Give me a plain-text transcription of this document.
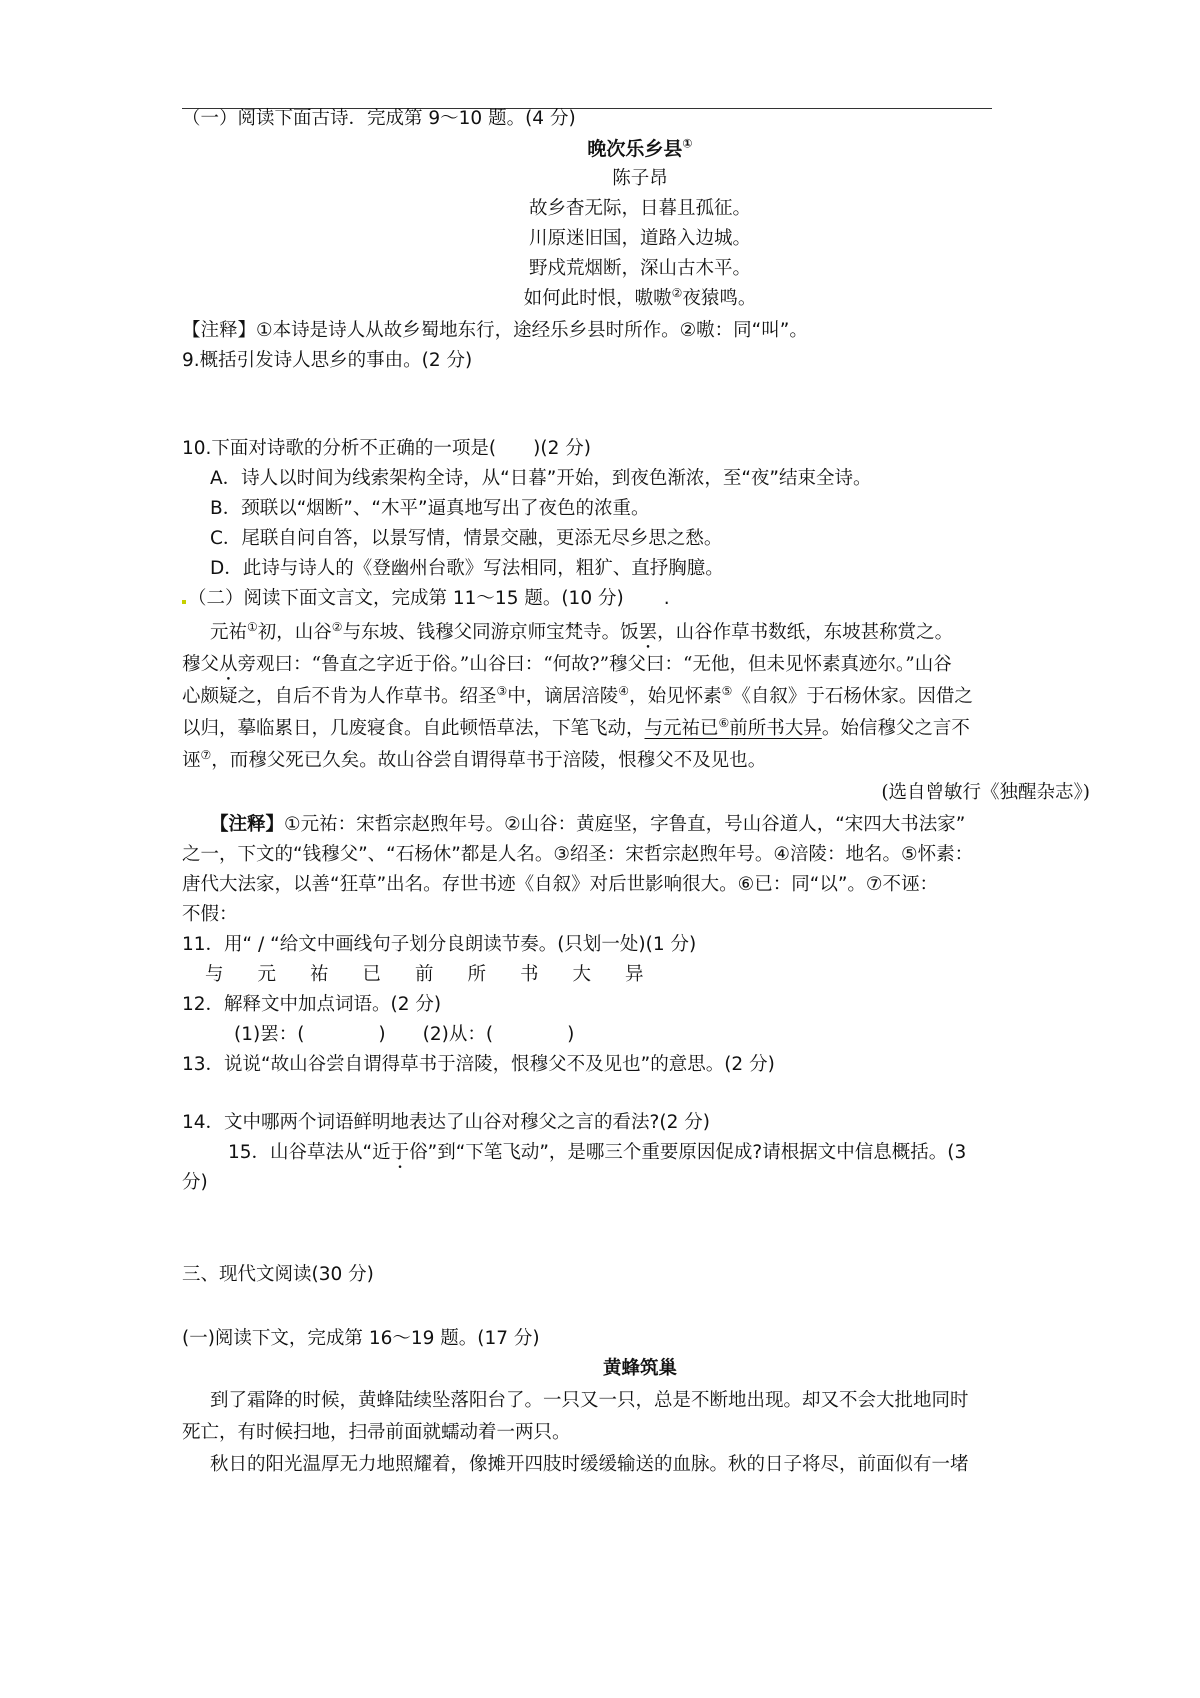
（一）阅读下面古诗．完成第 9～10 题。(4 分)
晚次乐乡县①
陈子昂
故乡杳无际，日暮且孤征。
川原迷旧国，道路入边城。
野戍荒烟断，深山古木平。
如何此时恨，嗷嗷②夜猿鸣。
【注释】①本诗是诗人从故乡蜀地东行，途经乐乡县时所作。②嗷：同“叫”。
9.概括引发诗人思乡的事由。(2 分)
10.下面对诗歌的分析不正确的一项是(　　)(2 分)
A．诗人以时间为线索架构全诗，从“日暮”开始，到夜色渐浓，至“夜”结束全诗。
B．颈联以“烟断”、“木平”逼真地写出了夜色的浓重。
C．尾联自问自答，以景写情，情景交融，更添无尽乡思之愁。
D．此诗与诗人的《登幽州台歌》写法相同，粗犷、直抒胸臆。
（二）阅读下面文言文，完成第 11～15 题。(10 分) .
元祐①初，山谷②与东坡、钱穆父同游京师宝梵寺。饭罢，山谷作草书数纸，东坡甚称赏之。
穆父从旁观曰：“鲁直之字近于俗。”山谷曰：“何故?”穆父曰：“无他，但未见怀素真迹尔。”山谷
心颇疑之，自后不肯为人作草书。绍圣③中，谪居涪陵④，始见怀素⑤《自叙》于石杨休家。因借之
以归，摹临累日，几废寝食。自此顿悟草法，下笔飞动，与元祐已⑥前所书大异。始信穆父之言不
诬⑦，而穆父死已久矣。故山谷尝自谓得草书于涪陵，恨穆父不及见也。
(选自曾敏行《独醒杂志》)
【注释】①元祐：宋哲宗赵煦年号。②山谷：黄庭坚，字鲁直，号山谷道人，“宋四大书法家”
之一，下文的“钱穆父”、“石杨休”都是人名。③绍圣：宋哲宗赵煦年号。④涪陵：地名。⑤怀素：
唐代大法家，以善“狂草”出名。存世书迹《自叙》对后世影响很大。⑥已：同“以”。⑦不诬：
不假：
11．用“ / “给文中画线句子划分良朗读节奏。(只划一处)(1 分)
与元祐已前所书大异
12．解释文中加点词语。(2 分)
(1)罢：(　　　　)　　(2)从：(　　　　)
13．说说“故山谷尝自谓得草书于涪陵，恨穆父不及见也”的意思。(2 分)
14．文中哪两个词语鲜明地表达了山谷对穆父之言的看法?(2 分)
15．山谷草法从“近于俗”到“下笔飞动”，是哪三个重要原因促成?请根据文中信息概括。(3
分)
三、现代文阅读(30 分)
(一)阅读下文，完成第 16～19 题。(17 分)
黄蜂筑巢
到了霜降的时候，黄蜂陆续坠落阳台了。一只又一只，总是不断地出现。却又不会大批地同时
死亡，有时候扫地，扫帚前面就蠕动着一两只。
秋日的阳光温厚无力地照耀着，像摊开四肢时缓缓输送的血脉。秋的日子将尽，前面似有一堵
